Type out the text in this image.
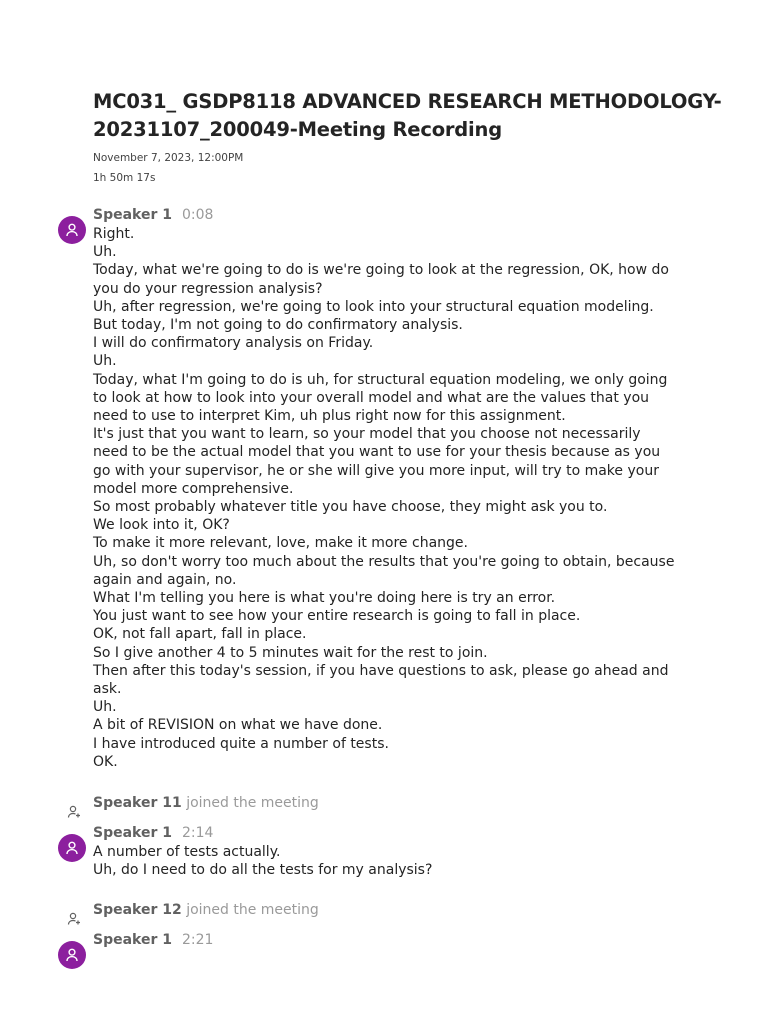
MC031_ GSDP8118 ADVANCED RESEARCH METHODOLOGY-20231107_200049-Meeting Recording
November 7, 2023, 12:00PM
1h 50m 17s
Speaker 1 0:08

Right.

Uh.

Today, what we're going to do is we're going to look at the regression, OK, how do you do your regression analysis?

Uh, after regression, we're going to look into your structural equation modeling.

But today, I'm not going to do confirmatory analysis.

I will do confirmatory analysis on Friday.

Uh.

Today, what I'm going to do is uh, for structural equation modeling, we only going to look at how to look into your overall model and what are the values that you need to use to interpret Kim, uh plus right now for this assignment.

It's just that you want to learn, so your model that you choose not necessarily need to be the actual model that you want to use for your thesis because as you go with your supervisor, he or she will give you more input, will try to make your model more comprehensive.

So most probably whatever title you have choose, they might ask you to.

We look into it, OK?

To make it more relevant, love, make it more change.

Uh, so don't worry too much about the results that you're going to obtain, because again and again, no.

What I'm telling you here is what you're doing here is try an error.

You just want to see how your entire research is going to fall in place.

OK, not fall apart, fall in place.

So I give another 4 to 5 minutes wait for the rest to join.

Then after this today's session, if you have questions to ask, please go ahead and ask.

Uh.

A bit of REVISION on what we have done.

I have introduced quite a number of tests.

OK.

Speaker 11 joined the meeting
Speaker 1 2:14

A number of tests actually.

Uh, do I need to do all the tests for my analysis?

Speaker 12 joined the meeting
Speaker 1 2:21
